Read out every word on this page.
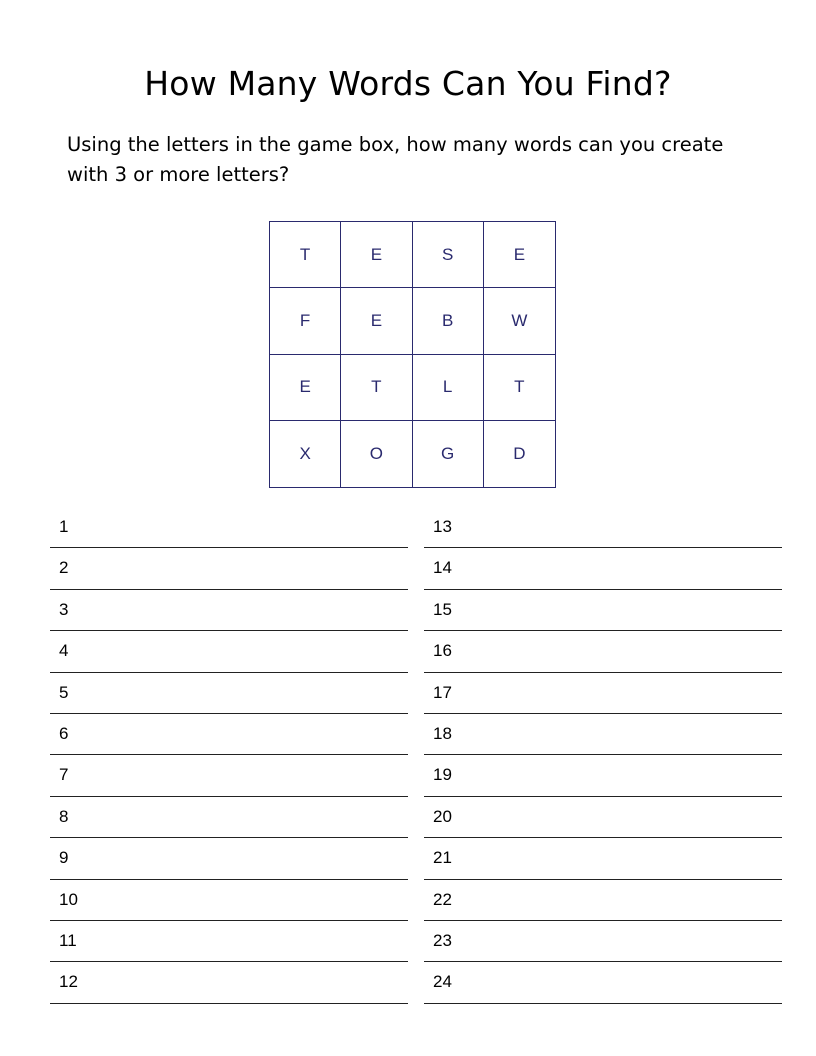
How Many Words Can You Find?

Using the letters in the game box, how many words can you create with 3 or more letters?

T	E	S	E
F	E	B	W
E	T	L	T
X	O	G	D
1
2
3
4
5
6
7
8
9
10
11
12
13
14
15
16
17
18
19
20
21
22
23
24
